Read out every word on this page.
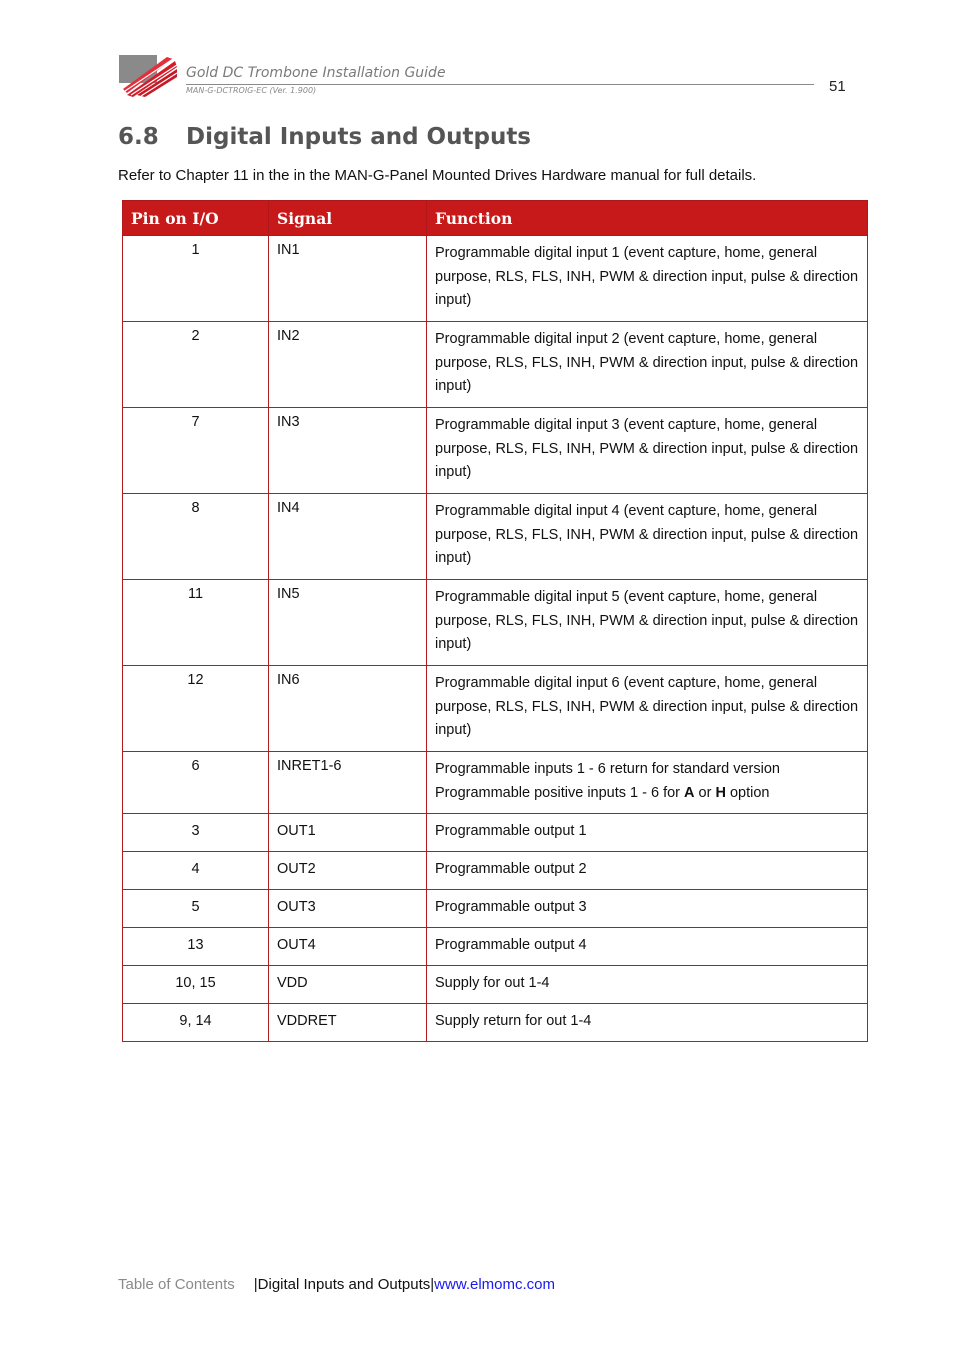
Gold DC Trombone Installation Guide
MAN-G-DCTROIG-EC (Ver. 1.900)	51
6.8 Digital Inputs and Outputs
Refer to Chapter 11 in the in the MAN-G-Panel Mounted Drives Hardware manual for full details.
Pin on I/O	Signal	Function
1	IN1	Programmable digital input 1 (event capture, home, general purpose, RLS, FLS, INH, PWM & direction input, pulse & direction input)
2	IN2	Programmable digital input 2 (event capture, home, general purpose, RLS, FLS, INH, PWM & direction input, pulse & direction input)
7	IN3	Programmable digital input 3 (event capture, home, general purpose, RLS, FLS, INH, PWM & direction input, pulse & direction input)
8	IN4	Programmable digital input 4 (event capture, home, general purpose, RLS, FLS, INH, PWM & direction input, pulse & direction input)
11	IN5	Programmable digital input 5 (event capture, home, general purpose, RLS, FLS, INH, PWM & direction input, pulse & direction input)
12	IN6	Programmable digital input 6 (event capture, home, general purpose, RLS, FLS, INH, PWM & direction input, pulse & direction input)
6	INRET1-6	Programmable inputs 1 - 6 return for standard version
Programmable positive inputs 1 - 6 for A or H option

3	OUT1	Programmable output 1
4	OUT2	Programmable output 2
5	OUT3	Programmable output 3
13	OUT4	Programmable output 4
10, 15	VDD	Supply for out 1-4
9, 14	VDDRET	Supply return for out 1-4
Table of Contents |Digital Inputs and Outputs|www.elmomc.com
